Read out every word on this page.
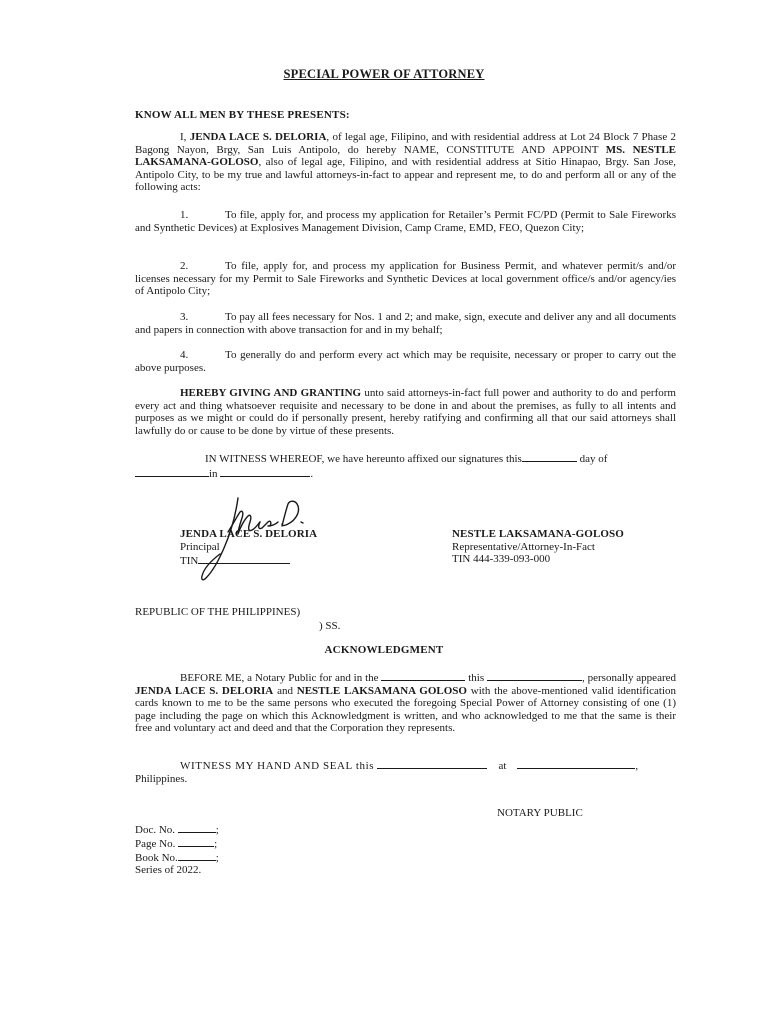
SPECIAL POWER OF ATTORNEY
KNOW ALL MEN BY THESE PRESENTS:
I, JENDA LACE S. DELORIA, of legal age, Filipino, and with residential address at Lot 24 Block 7 Phase 2 Bagong Nayon, Brgy, San Luis Antipolo, do hereby NAME, CONSTITUTE AND APPOINT MS. NESTLE LAKSAMANA-GOLOSO, also of legal age, Filipino, and with residential address at Sitio Hinapao, Brgy. San Jose, Antipolo City, to be my true and lawful attorneys-in-fact to appear and represent me, to do and perform all or any of the following acts:
1.	To file, apply for, and process my application for Retailer’s Permit FC/PD (Permit to Sale Fireworks and Synthetic Devices) at Explosives Management Division, Camp Crame, EMD, FEO, Quezon City;
2.	To file, apply for, and process my application for Business Permit, and whatever permit/s and/or licenses necessary for my Permit to Sale Fireworks and Synthetic Devices at local government office/s and/or agency/ies of Antipolo City;
3.	To pay all fees necessary for Nos. 1 and 2; and make, sign, execute and deliver any and all documents and papers in connection with above transaction for and in my behalf;
4.	To generally do and perform every act which may be requisite, necessary or proper to carry out the above purposes.
HEREBY GIVING AND GRANTING unto said attorneys-in-fact full power and authority to do and perform every act and thing whatsoever requisite and necessary to be done in and about the premises, as fully to all intents and purposes as we might or could do if personally present, hereby ratifying and confirming all that our said attorneys shall lawfully do or cause to be done by virtue of these presents.
IN WITNESS WHEREOF, we have hereunto affixed our signatures this	day of
in	.
JENDA LACE S. DELORIA
Principal
TIN
NESTLE LAKSAMANA-GOLOSO
Representative/Attorney-In-Fact
TIN 444-339-093-000
REPUBLIC OF THE PHILIPPINES)
) SS.
ACKNOWLEDGMENT
BEFORE ME, a Notary Public for and in the	this	, personally appeared JENDA LACE S. DELORIA and NESTLE LAKSAMANA GOLOSO with the above-mentioned valid identification cards known to me to be the same persons who executed the foregoing Special Power of Attorney consisting of one (1) page including the page on which this Acknowledgment is written, and who acknowledged to me that the same is their free and voluntary act and deed and that the Corporation they represents.
WITNESS MY HAND AND SEAL this	at	,
Philippines.
NOTARY PUBLIC
Doc. No.	;
Page No.	;
Book No.	;
Series of 2022.
